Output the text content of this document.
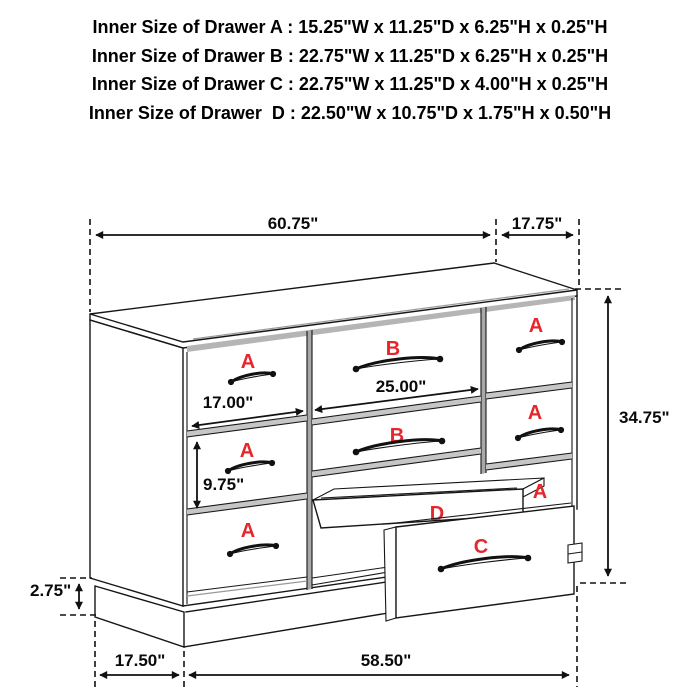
60.75"	17.75"
A
A
A
B
B
A
A
17.00"
25.00"
9.75"
D
A
C
34.75"
2.75"
17.50"	58.50"
Inner Size of Drawer A : 15.25"W x 11.25"D x 6.25"H x 0.25"H
Inner Size of Drawer B : 22.75"W x 11.25"D x 6.25"H x 0.25"H
Inner Size of Drawer C : 22.75"W x 11.25"D x 4.00"H x 0.25"H
Inner Size of Drawer  D : 22.50"W x 10.75"D x 1.75"H x 0.50"H
